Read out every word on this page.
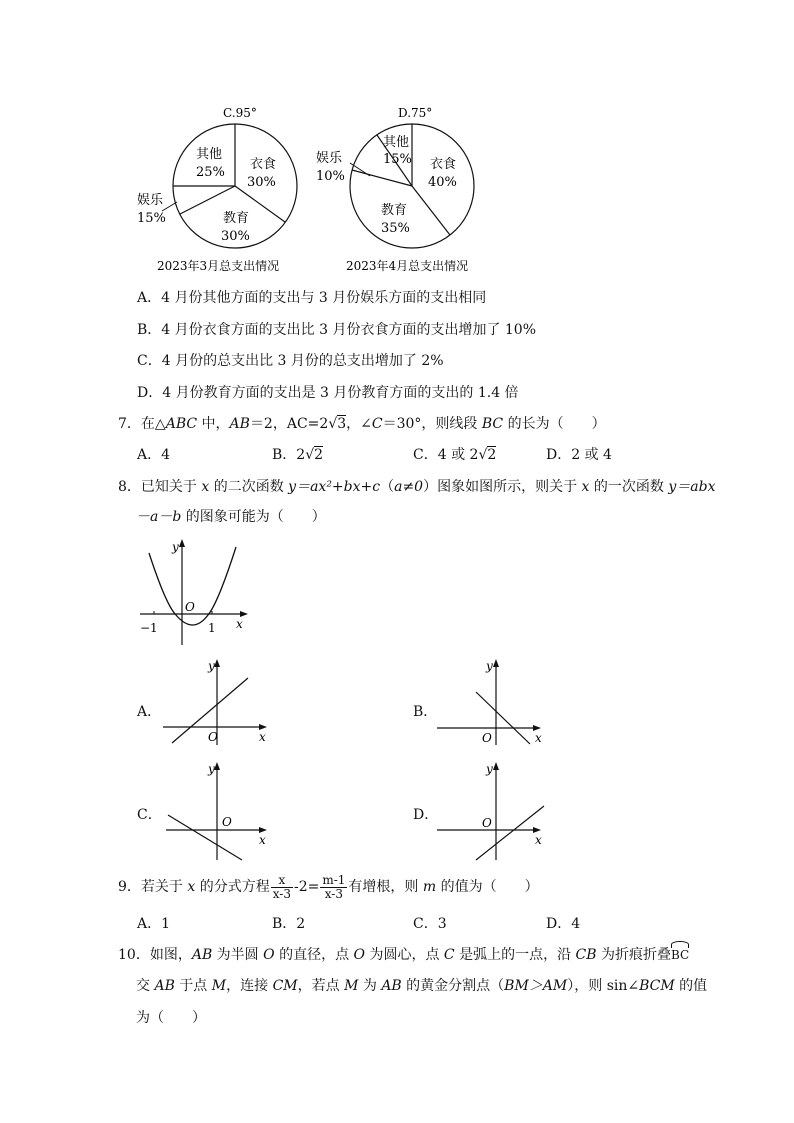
C.95°
衣食
30%
教育
30%
娱乐
15%
其他
25%
2023年3月总支出情况
D.75°
衣食
40%
教育
35%
娱乐
10%
其他
15%
2023年4月总支出情况
A．4 月份其他方面的支出与 3 月份娱乐方面的支出相同
B．4 月份衣食方面的支出比 3 月份衣食方面的支出增加了 10%
C．4 月份的总支出比 3 月份的总支出增加了 2%
D．4 月份教育方面的支出是 3 月份教育方面的支出的 1.4 倍
7．在△ABC 中，AB＝2，AC=2√3，∠C＝30°，则线段 BC 的长为（　　）
A．4	B．2√2	C．4 或 2√2	D．2 或 4
8．已知关于 x 的二次函数 y＝ax²+bx+c（a≠0）图象如图所示，则关于 x 的一次函数 y＝abx
－a－b 的图象可能为（　　）
y
O
x
−1	1
A．
y
O	x
B．
y
O	x
C．
y
O
x
D．
y
O
x
9．若关于 x 的分式方程 $\frac{x}{x-3} -2= \frac{m-1}{x-3}$ 有增根，则 m 的值为（　　）
A．1	B．2	C．3	D．4
10．如图，AB 为半圆 O 的直径，点 O 为圆心，点 C 是弧上的一点，沿 CB 为折痕折叠BC
交 AB 于点 M，连接 CM，若点 M 为 AB 的黄金分割点（BM＞AM），则 sin∠BCM 的值
为（　　）
